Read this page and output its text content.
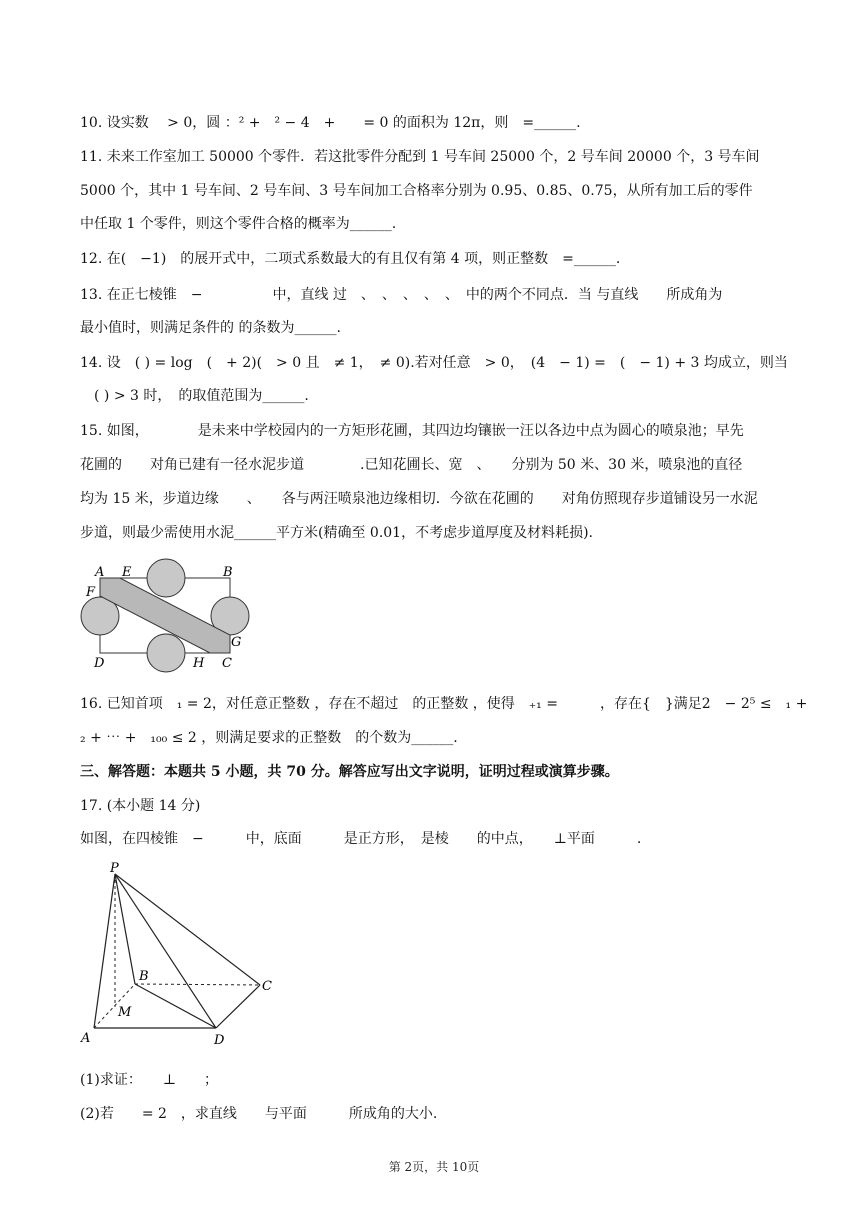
10. 设实数 　> 0，圆 ：² +　² − 4　+　　= 0 的面积为 12π，则　=______.
11. 未来工作室加工 50000 个零件．若这批零件分配到 1 号车间 25000 个，2 号车间 20000 个，3 号车间
5000 个，其中 1 号车间、2 号车间、3 号车间加工合格率分别为 0.95、0.85、0.75，从所有加工后的零件
中任取 1 个零件，则这个零件合格的概率为______.
12. 在(　−1)　的展开式中，二项式系数最大的有且仅有第 4 项，则正整数　=______.
13. 在正七棱锥　−　　　　　中，直线 过　、　、　、　、　、　中的两个不同点．当 与直线　　所成角为
最小值时，则满足条件的 的条数为______.
14. 设　( ) = log　(　+ 2)(　> 0 且　≠ 1，　≠ 0).若对任意　> 0，　(4　− 1) =　(　− 1) + 3 均成立，则当
　( ) > 3 时，　的取值范围为______.
15. 如图，　　　　是未来中学校园内的一方矩形花圃，其四边均镶嵌一汪以各边中点为圆心的喷泉池；早先
花圃的　　对角已建有一径水泥步道　　　　.已知花圃长、宽　、　　分别为 50 米、30 米，喷泉池的直径
均为 15 米，步道边缘　　、　　各与两汪喷泉池边缘相切．今欲在花圃的　　对角仿照现存步道铺设另一水泥
步道，则最少需使用水泥______平方米(精确至 0.01，不考虑步道厚度及材料耗损).
A E	B
F
G
D	H C
16. 已知首项　₁ = 2，对任意正整数 ，存在不超过　的正整数 ，使得　₊₁ =　　　，存在{　}满足2　− 2⁵ ≤　₁ +
₂ + ⋯ +　₁₀₀ ≤ 2 ，则满足要求的正整数　的个数为______.
三、解答题：本题共 5 小题，共 70 分。解答应写出文字说明，证明过程或演算步骤。
17. (本小题 14 分)
如图，在四棱锥　−　　　中，底面　　　是正方形，　是棱　　的中点，　　⊥平面　　　.
P
B
C
M
A	D
(1)求证：　　⊥　　；
(2)若　　= 2　，求直线　　与平面　　　所成角的大小.
第 2页，共 10页
